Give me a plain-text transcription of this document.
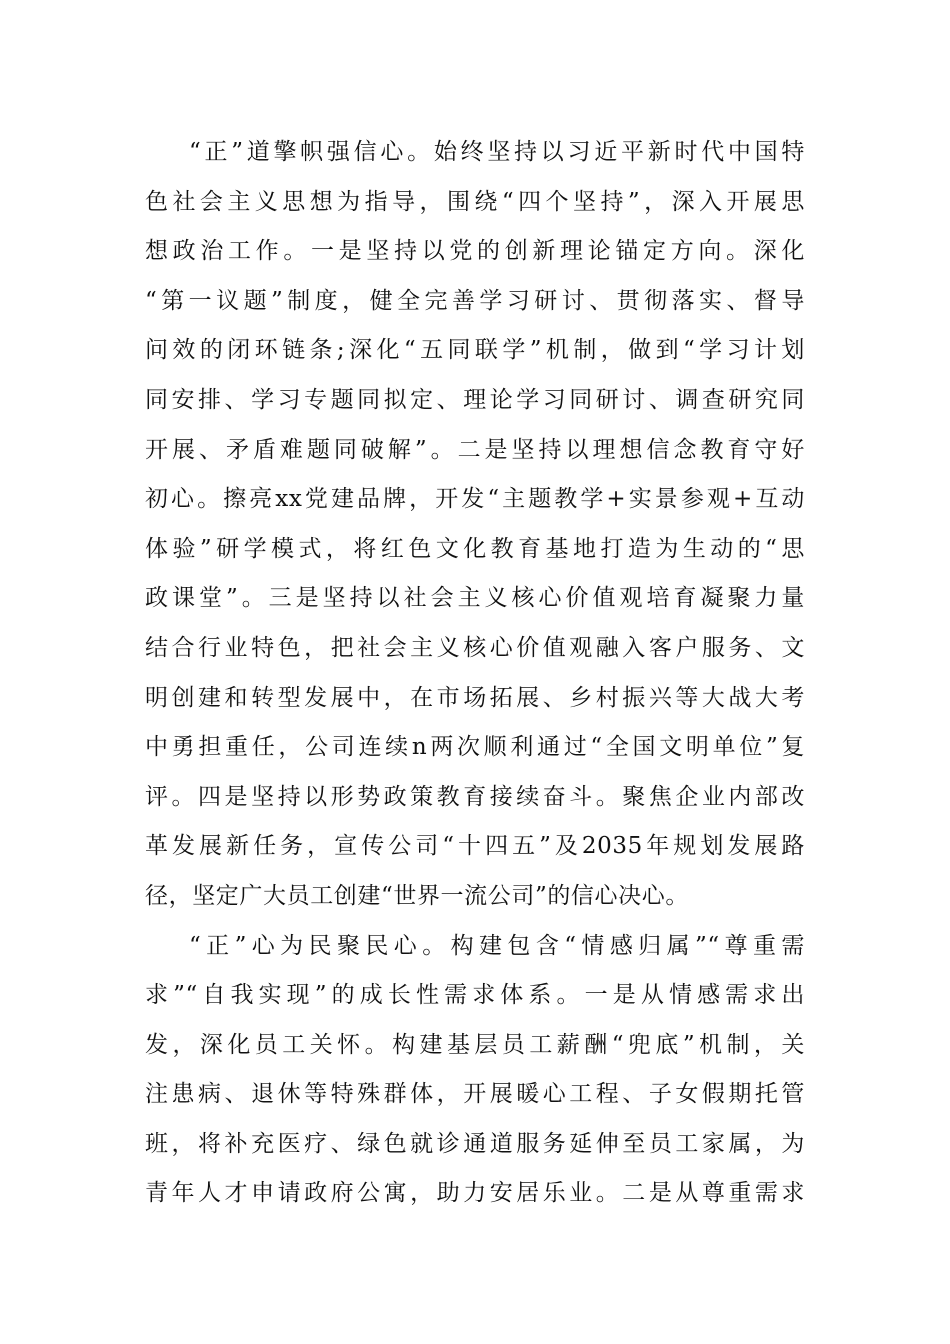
“正”道擎帜强信心。始终坚持以习近平新时代中国特
色社会主义思想为指导，围绕“四个坚持”，深入开展思
想政治工作。一是坚持以党的创新理论锚定方向。深化
“第一议题”制度，健全完善学习研讨、贯彻落实、督导
问效的闭环链条;深化“五同联学”机制，做到“学习计划
同安排、学习专题同拟定、理论学习同研讨、调查研究同
开展、矛盾难题同破解”。二是坚持以理想信念教育守好
初心。擦亮xx党建品牌，开发“主题教学+实景参观+互动
体验”研学模式，将红色文化教育基地打造为生动的“思
政课堂”。三是坚持以社会主义核心价值观培育凝聚力量
结合行业特色，把社会主义核心价值观融入客户服务、文
明创建和转型发展中，在市场拓展、乡村振兴等大战大考
中勇担重任，公司连续n两次顺利通过“全国文明单位”复
评。四是坚持以形势政策教育接续奋斗。聚焦企业内部改
革发展新任务，宣传公司“十四五”及2035年规划发展路
径，坚定广大员工创建“世界一流公司”的信心决心。
“正”心为民聚民心。构建包含“情感归属”“尊重需
求”“自我实现”的成长性需求体系。一是从情感需求出
发，深化员工关怀。构建基层员工薪酬“兜底”机制，关
注患病、退休等特殊群体，开展暖心工程、子女假期托管
班，将补充医疗、绿色就诊通道服务延伸至员工家属，为
青年人才申请政府公寓，助力安居乐业。二是从尊重需求
